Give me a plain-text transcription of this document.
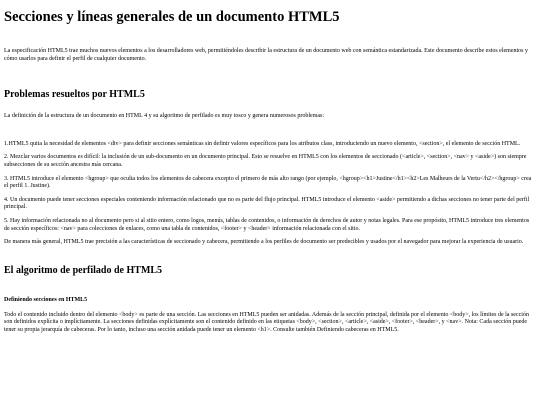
Secciones y líneas generales de un documento HTML5

La especificación HTML5 trae muchos nuevos elementos a los desarrolladores web, permitiéndoles describir la estructura de un documento web con semántica estandarizada. Este documento describe estos elementos y cómo usarlos para definir el perfil de cualquier documento.

Problemas resueltos por HTML5

La definición de la estructura de un documento en HTML 4 y su algoritmo de perfilado es muy tosco y genera numerosos problemas:

1.HTML5 quita la necesidad de elementos <div> para definir secciones semánticas sin definir valores específicos para los atributos class, introduciendo un nuevo elemento, <section>, el elemento de sección HTML.

2. Mezclar varios documentos es difícil: la inclusión de un sub-documento en un documento principal. Esto se resuelve en HTML5 con los elementos de seccionado (<article>, <section>, <nav> y <aside>) son siempre subsecciones de su sección ancestra más cercana.

3. HTML5 introduce el elemento <hgroup> que oculta todos los elementos de cabecera excepto el primero de más alto rango (por ejemplo, <hgroup><h1>Justine</h1><h2>Les Malheurs de la Vertu</h2></hgroup> crea el perfil 1. Justine).

4. Un documento puede tener secciones especiales conteniendo información relacionado que no es parte del flujo principal. HTML5 introduce el elemento <aside> permitiendo a dichas secciones no tener parte del perfil principal.

5. Hay información relacionada no al documento pero si al sitio entero, como logos, menús, tablas de contenidos, o información de derechos de autor y notas legales. Para ese propósito, HTML5 introduce tres elementos de sección específicos: <nav> para colecciones de enlaces, como una tabla de contenidos, <footer> y <header> información relacionada con el sitio.

De manera más general, HTML5 trae precisión a las características de seccionado y cabecera, permitiendo a los perfiles de documento ser predecibles y usados por el navegador para mejorar la experiencia de usuario.

El algoritmo de perfilado de HTML5
Definiendo secciones en HTML5

Todo el contenido incluido dentro del elemento <body> es parte de una sección. Las secciones en HTML5 pueden ser anidadas. Además de la sección principal, definida por el elemento <body>, los límites de la sección son definidos explícita o implícitamente. La secciones definidas explícitamente son el contenido definido en las etiquetas <body>, <section>, <article>, <aside>, <footer>, <header>, y <nav>. Nota: Cada sección puede tener su propia jerarquía de cabeceras. Por lo tanto, incluso una sección anidada puede tener un elemento <h1>. Consulte también Definiendo cabeceras en HTML5.
